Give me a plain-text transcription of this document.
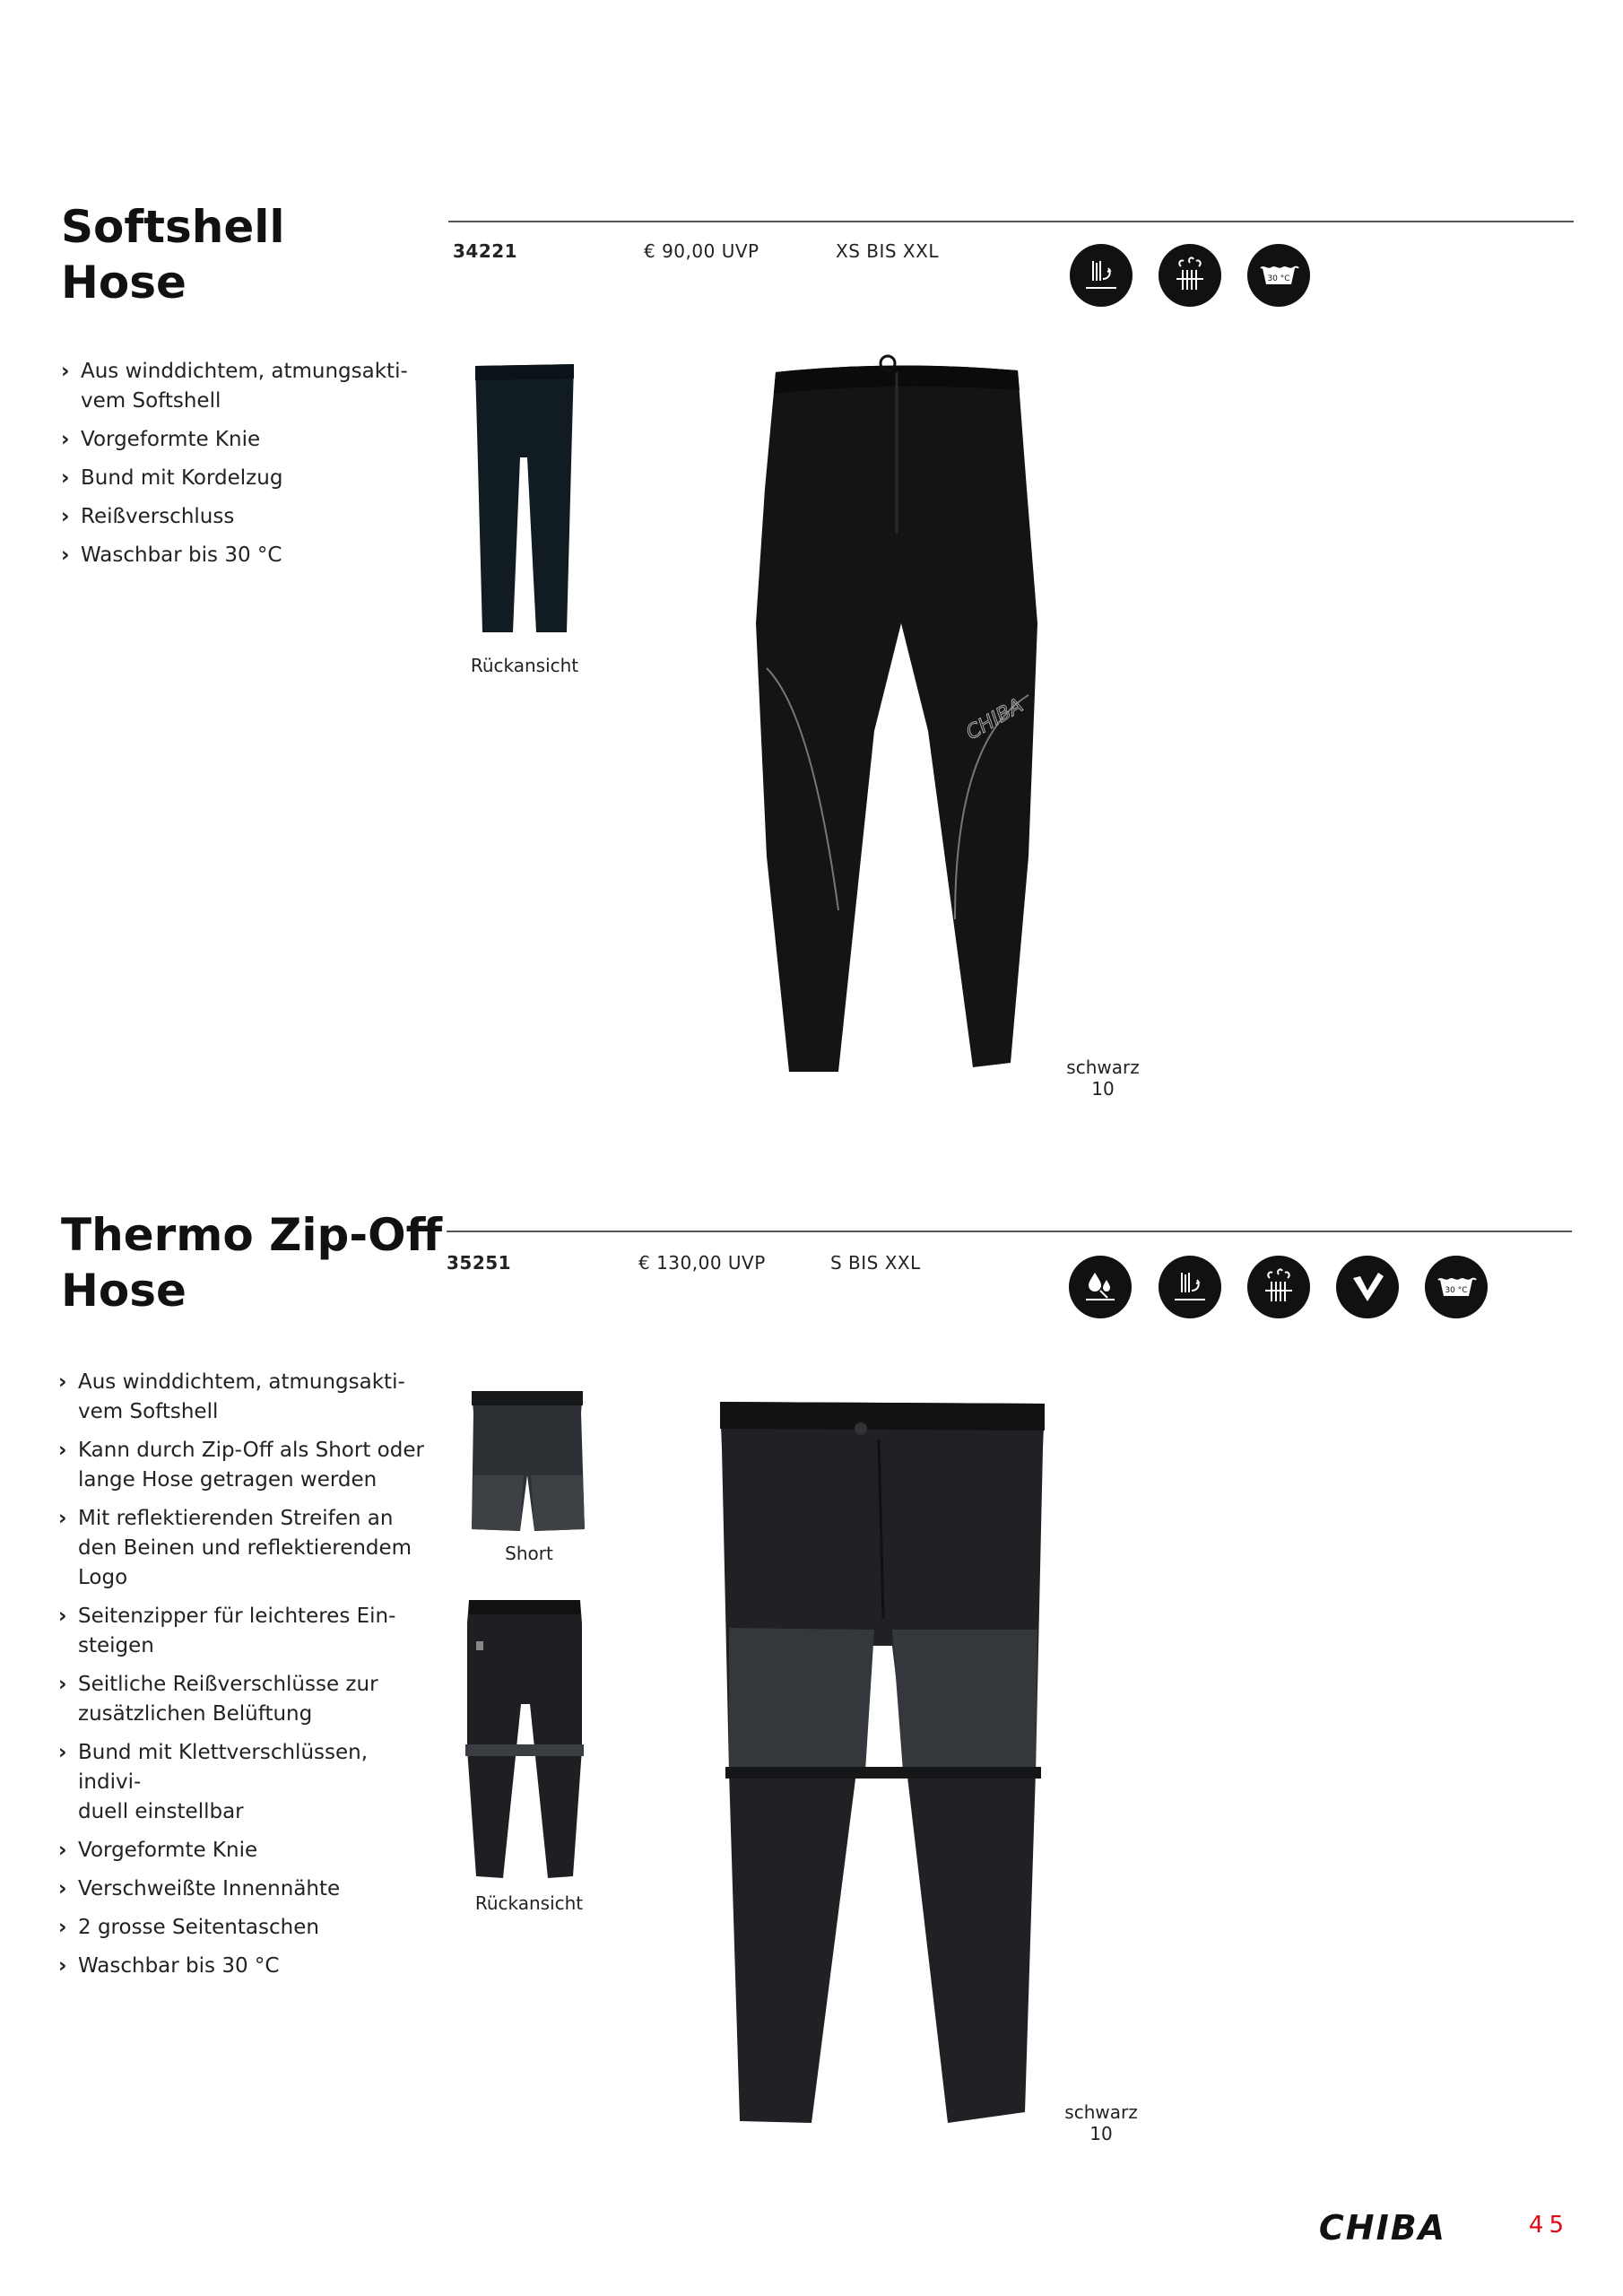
Softshell
Hose
34221	€ 90,00 UVP	XS BIS XXL
30 °C
› Aus winddichtem, atmungsakti-
vem Softshell
› Vorgeformte Knie
› Bund mit Kordelzug
› Reißverschluss
› Waschbar bis 30 °C
Rückansicht
CHIBA
schwarz
10
Thermo Zip-Off
Hose
35251	€ 130,00 UVP	S BIS XXL
30 °C
› Aus winddichtem, atmungsakti-
vem Softshell
› Kann durch Zip-Off als Short oder
lange Hose getragen werden
› Mit reflektierenden Streifen an
den Beinen und reflektierendem
Logo
› Seitenzipper für leichteres Ein-
steigen
› Seitliche Reißverschlüsse zur
zusätzlichen Belüftung
› Bund mit Klettverschlüssen, indivi-
duell einstellbar
› Vorgeformte Knie
› Verschweißte Innennähte
› 2 grosse Seitentaschen
› Waschbar bis 30 °C
Short
Rückansicht
schwarz
10
CHIBA	45
